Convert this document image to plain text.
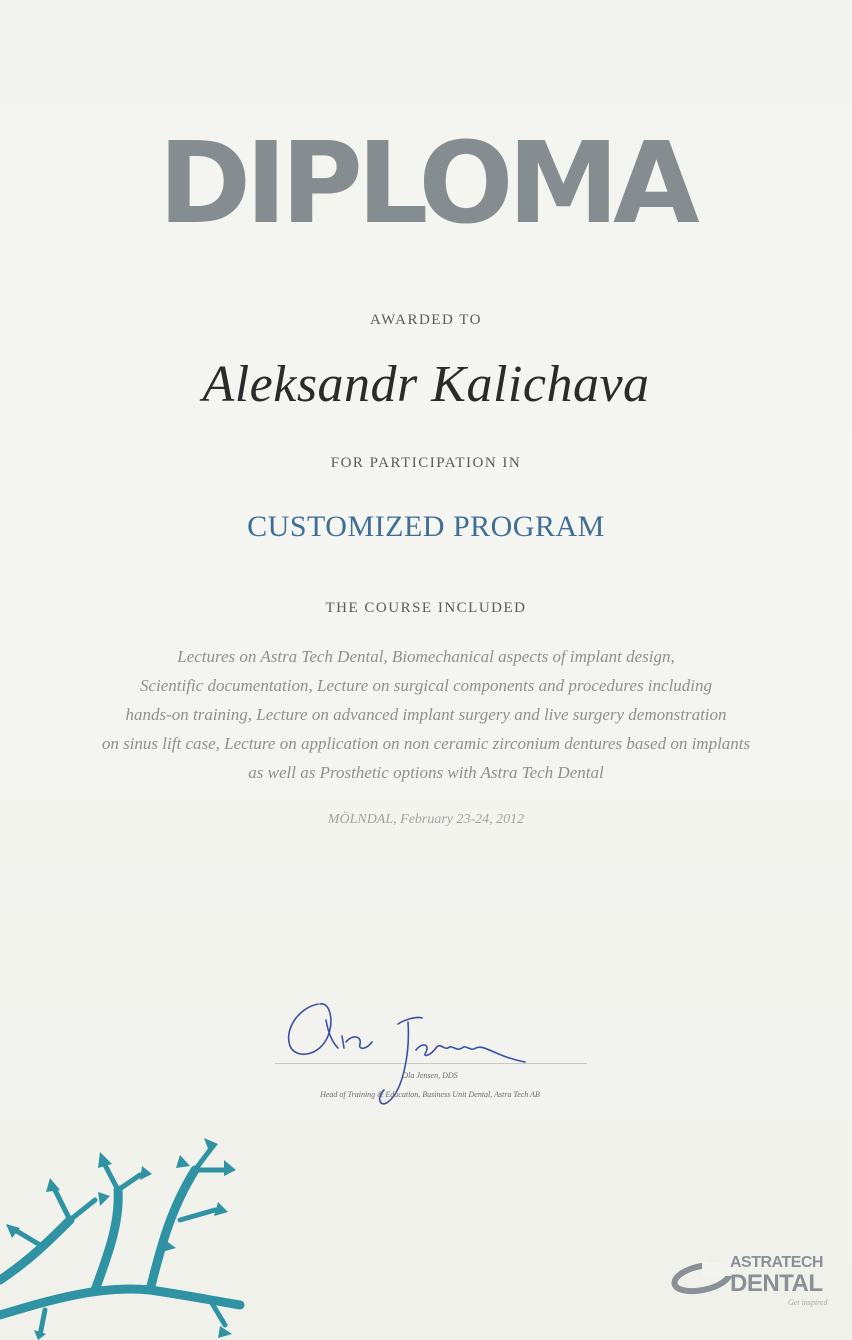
DIPLOMA
AWARDED TO
Aleksandr Kalichava
FOR PARTICIPATION IN
CUSTOMIZED PROGRAM
THE COURSE INCLUDED
Lectures on Astra Tech Dental, Biomechanical aspects of implant design,
Scientific documentation, Lecture on surgical components and procedures including
hands-on training, Lecture on advanced implant surgery and live surgery demonstration
on sinus lift case, Lecture on application on non ceramic zirconium dentures based on implants
as well as Prosthetic options with Astra Tech Dental
MÖLNDAL, February 23-24, 2012
Ola Jensen, DDS
Head of Training & Education, Business Unit Dental, Astra Tech AB
ASTRATECH
DENTAL
Get inspired
